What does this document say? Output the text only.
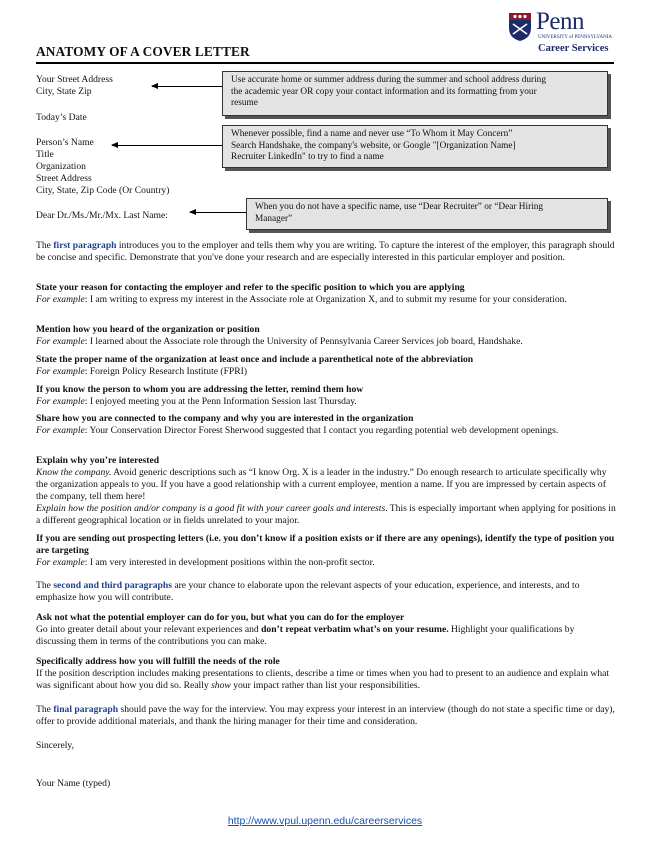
Penn
UNIVERSITY of PENNSYLVANIA
Career Services
ANATOMY OF A COVER LETTER
Your Street Address
City, State Zip
Today’s Date
Person’s Name
Title
Organization
Street Address
City, State, Zip Code (Or Country)
Dear Dr./Ms./Mr./Mx. Last Name:
Use accurate home or summer address during the summer and school address during
the academic year OR copy your contact information and its formatting from your
resume
Whenever possible, find a name and never use “To Whom it May Concern”
Search Handshake, the company's website, or Google "[Organization Name]
Recruiter LinkedIn" to try to find a name
When you do not have a specific name, use “Dear Recruiter” or “Dear Hiring
Manager”

The first paragraph introduces you to the employer and tells them why you are writing. To capture the interest of the employer, this paragraph should be concise and specific. Demonstrate that you've done your research and are especially interested in this particular employer and position.

State your reason for contacting the employer and refer to the specific position to which you are applying
For example: I am writing to express my interest in the Associate role at Organization X, and to submit my resume for your consideration.
Mention how you heard of the organization or position
For example: I learned about the Associate role through the University of Pennsylvania Career Services job board, Handshake.
State the proper name of the organization at least once and include a parenthetical note of the abbreviation
For example: Foreign Policy Research Institute (FPRI)
If you know the person to whom you are addressing the letter, remind them how
For example: I enjoyed meeting you at the Penn Information Session last Thursday.
Share how you are connected to the company and why you are interested in the organization
For example: Your Conservation Director Forest Sherwood suggested that I contact you regarding potential web development openings.
Explain why you’re interested
Know the company. Avoid generic descriptions such as “I know Org. X is a leader in the industry.” Do enough research to articulate specifically why the organization appeals to you. If you have a good relationship with a current employee, mention a name. If you are impressed by certain aspects of the company, tell them here!
Explain how the position and/or company is a good fit with your career goals and interests. This is especially important when applying for positions in a different geographical location or in fields unrelated to your major.
If you are sending out prospecting letters (i.e. you don’t know if a position exists or if there are any openings), identify the type of position you are targeting
For example: I am very interested in development positions within the non-profit sector.

The second and third paragraphs are your chance to elaborate upon the relevant aspects of your education, experience, and interests, and to emphasize how you will contribute.

Ask not what the potential employer can do for you, but what you can do for the employer
Go into greater detail about your relevant experiences and don’t repeat verbatim what’s on your resume. Highlight your qualifications by discussing them in terms of the contributions you can make.
Specifically address how you will fulfill the needs of the role
If the position description includes making presentations to clients, describe a time or times when you had to present to an audience and explain what was significant about how you did so. Really show your impact rather than list your responsibilities.

The final paragraph should pave the way for the interview. You may express your interest in an interview (though do not state a specific time or day), offer to provide additional materials, and thank the hiring manager for their time and consideration.

Sincerely,
Your Name (typed)
http://www.vpul.upenn.edu/careerservices
